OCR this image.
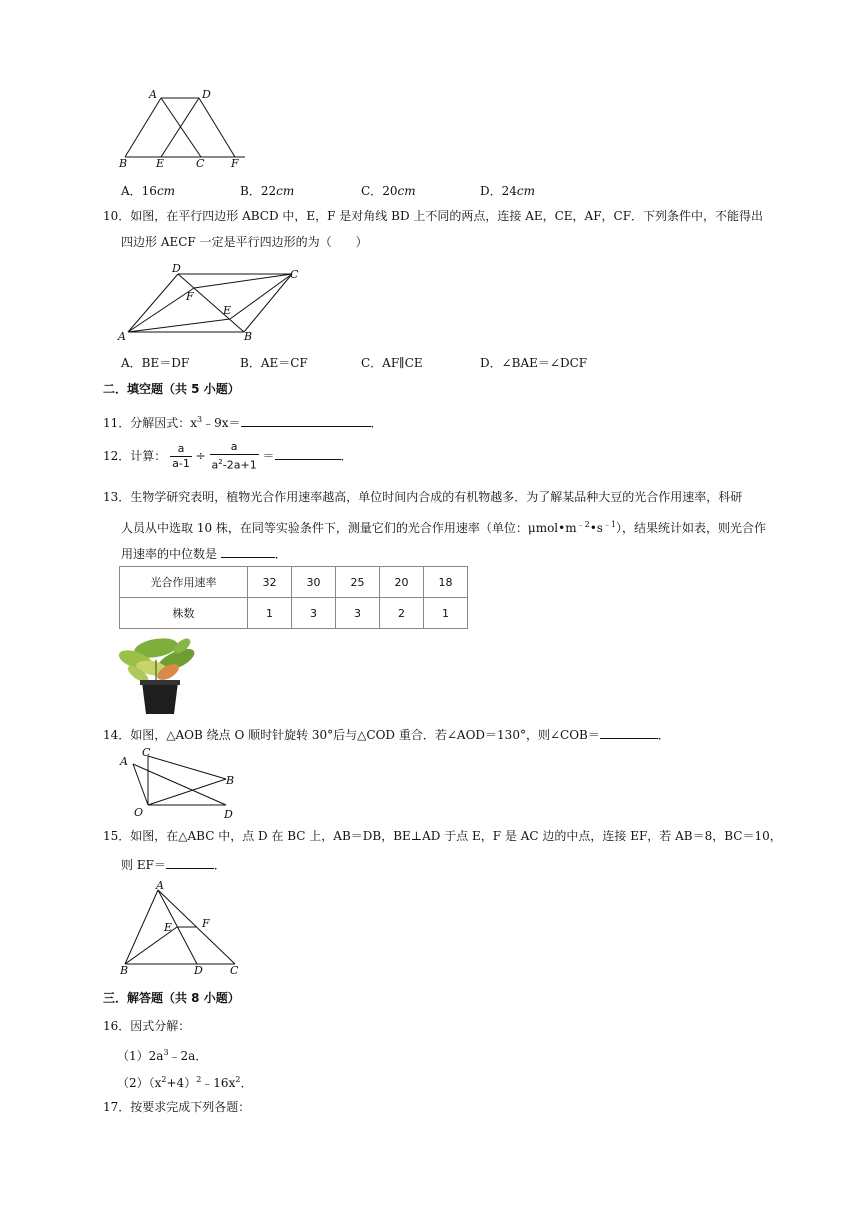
A	D
B	E	C F
A．16cm	B．22cm	C．20cm	D．24cm
10．如图，在平行四边形 ABCD 中，E，F 是对角线 BD 上不同的两点，连接 AE，CE，AF，CF．下列条件中，不能得出
四边形 AECF 一定是平行四边形的为（　　）
D	C
F
E
A	B
A．BE＝DF	B．AE＝CF	C．AF∥CE	D．∠BAE＝∠DCF
二．填空题（共 5 小题）
11．分解因式：$x^3﹣9x=$	．
12．计算： $\frac{a}{a-1} \div \frac{a}{a^2-2a+1}$ ＝	．
13．生物学研究表明，植物光合作用速率越高，单位时间内合成的有机物越多．为了解某品种大豆的光合作用速率，科研
人员从中选取 10 株，在同等实验条件下，测量它们的光合作用速率（单位：$\mu mol•m^{﹣2}•s^{﹣1}$），结果统计如表，则光合作
用速率的中位数是	．
光合作用速率	32	30	25	20	18
株数	1	3	3	2	1
14．如图，△AOB 绕点 O 顺时针旋转 30°后与△COD 重合．若∠AOD＝130°，则∠COB＝	．
C
A
B
O	D
15．如图，在△ABC 中，点 D 在 BC 上，AB＝DB，BE⊥AD 于点 E，F 是 AC 边的中点，连接 EF，若 AB＝8，BC＝10，
则 EF＝	．
A
E	F
B	D C
三．解答题（共 8 小题）
16．因式分解：
$(1)2a^3﹣2a$．
$(2)(x^2+4)^2﹣16x^2$．
17．按要求完成下列各题：
